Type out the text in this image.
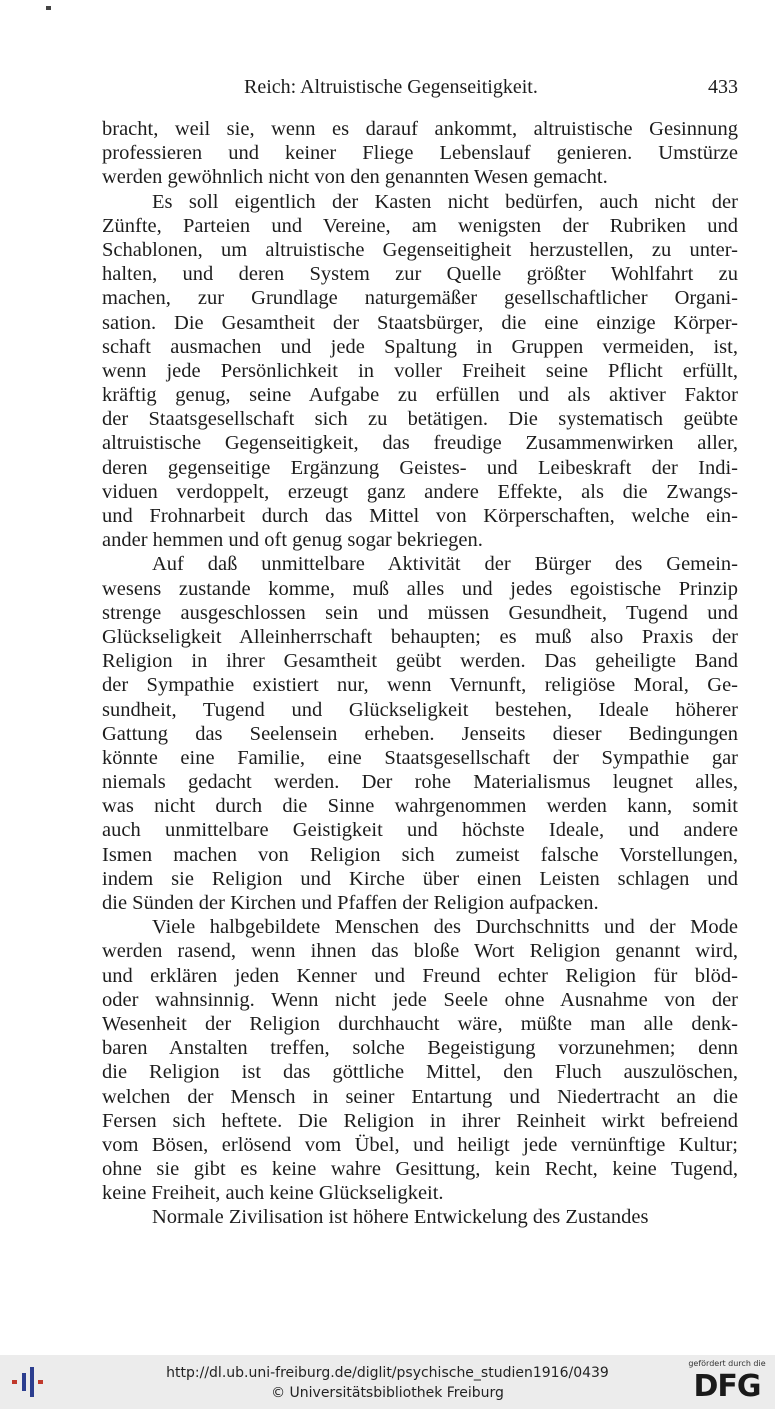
Reich: Altruistische Gegenseitigkeit.	433
bracht, weil sie, wenn es darauf ankommt, altruistische Gesinnung
professieren und keiner Fliege Lebenslauf genieren. Umstürze
werden gewöhnlich nicht von den genannten Wesen gemacht.
Es soll eigentlich der Kasten nicht bedürfen, auch nicht der
Zünfte, Parteien und Vereine, am wenigsten der Rubriken und
Schablonen, um altruistische Gegenseitigheit herzustellen, zu unter-
halten, und deren System zur Quelle größter Wohlfahrt zu
machen, zur Grundlage naturgemäßer gesellschaftlicher Organi-
sation. Die Gesamtheit der Staatsbürger, die eine einzige Körper-
schaft ausmachen und jede Spaltung in Gruppen vermeiden, ist,
wenn jede Persönlichkeit in voller Freiheit seine Pflicht erfüllt,
kräftig genug, seine Aufgabe zu erfüllen und als aktiver Faktor
der Staatsgesellschaft sich zu betätigen. Die systematisch geübte
altruistische Gegenseitigkeit, das freudige Zusammenwirken aller,
deren gegenseitige Ergänzung Geistes- und Leibeskraft der Indi-
viduen verdoppelt, erzeugt ganz andere Effekte, als die Zwangs-
und Frohnarbeit durch das Mittel von Körperschaften, welche ein-
ander hemmen und oft genug sogar bekriegen.
Auf daß unmittelbare Aktivität der Bürger des Gemein-
wesens zustande komme, muß alles und jedes egoistische Prinzip
strenge ausgeschlossen sein und müssen Gesundheit, Tugend und
Glückseligkeit Alleinherrschaft behaupten; es muß also Praxis der
Religion in ihrer Gesamtheit geübt werden. Das geheiligte Band
der Sympathie existiert nur, wenn Vernunft, religiöse Moral, Ge-
sundheit, Tugend und Glückseligkeit bestehen, Ideale höherer
Gattung das Seelensein erheben. Jenseits dieser Bedingungen
könnte eine Familie, eine Staatsgesellschaft der Sympathie gar
niemals gedacht werden. Der rohe Materialismus leugnet alles,
was nicht durch die Sinne wahrgenommen werden kann, somit
auch unmittelbare Geistigkeit und höchste Ideale, und andere
Ismen machen von Religion sich zumeist falsche Vorstellungen,
indem sie Religion und Kirche über einen Leisten schlagen und
die Sünden der Kirchen und Pfaffen der Religion aufpacken.
Viele halbgebildete Menschen des Durchschnitts und der Mode
werden rasend, wenn ihnen das bloße Wort Religion genannt wird,
und erklären jeden Kenner und Freund echter Religion für blöd-
oder wahnsinnig. Wenn nicht jede Seele ohne Ausnahme von der
Wesenheit der Religion durchhaucht wäre, müßte man alle denk-
baren Anstalten treffen, solche Begeistigung vorzunehmen; denn
die Religion ist das göttliche Mittel, den Fluch auszulöschen,
welchen der Mensch in seiner Entartung und Niedertracht an die
Fersen sich heftete. Die Religion in ihrer Reinheit wirkt befreiend
vom Bösen, erlösend vom Übel, und heiligt jede vernünftige Kultur;
ohne sie gibt es keine wahre Gesittung, kein Recht, keine Tugend,
keine Freiheit, auch keine Glückseligkeit.
Normale Zivilisation ist höhere Entwickelung des Zustandes
http://dl.ub.uni-freiburg.de/diglit/psychische_studien1916/0439
© Universitätsbibliothek Freiburg
gefördert durch die
DFG
